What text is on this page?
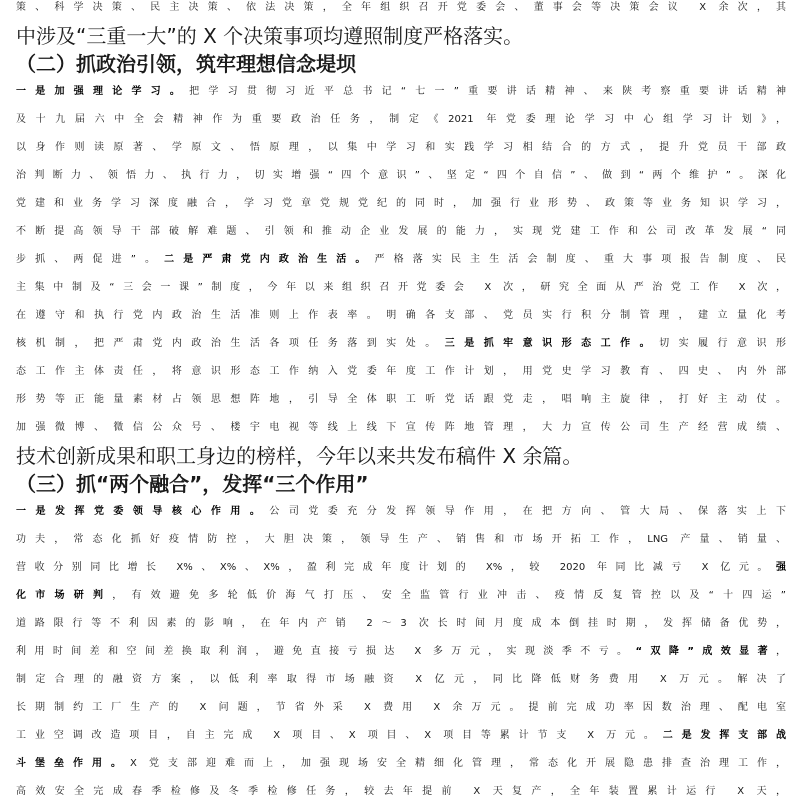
策、科学决策、民主决策、依法决策，全年组织召开党委会、董事会等决策会议 X 余次，其
中涉及“三重一大”的 X 个决策事项均遵照制度严格落实。
（二）抓政治引领，筑牢理想信念堤坝
一是加强理论学习。把学习贯彻习近平总书记“七一”重要讲话精神、来陕考察重要讲话精神
及十九届六中全会精神作为重要政治任务，制定《2021 年党委理论学习中心组学习计划》，
以身作则读原著、学原文、悟原理，以集中学习和实践学习相结合的方式，提升党员干部政
治判断力、领悟力、执行力，切实增强“四个意识”、坚定“四个自信”、做到“两个维护”。深化
党建和业务学习深度融合，学习党章党规党纪的同时，加强行业形势、政策等业务知识学习，
不断提高领导干部破解难题、引领和推动企业发展的能力，实现党建工作和公司改革发展“同
步抓、两促进”。二是严肃党内政治生活。严格落实民主生活会制度、重大事项报告制度、民
主集中制及“三会一课”制度，今年以来组织召开党委会 X 次，研究全面从严治党工作 X 次，
在遵守和执行党内政治生活准则上作表率。明确各支部、党员实行积分制管理，建立量化考
核机制，把严肃党内政治生活各项任务落到实处。三是抓牢意识形态工作。切实履行意识形
态工作主体责任，将意识形态工作纳入党委年度工作计划，用党史学习教育、四史、内外部
形势等正能量素材占领思想阵地，引导全体职工听党话跟党走，唱响主旋律，打好主动仗。
加强微博、微信公众号、楼宇电视等线上线下宣传阵地管理，大力宣传公司生产经营成绩、
技术创新成果和职工身边的榜样，今年以来共发布稿件 X 余篇。
（三）抓“两个融合”，发挥“三个作用”
一是发挥党委领导核心作用。公司党委充分发挥领导作用，在把方向、管大局、保落实上下
功夫，常态化抓好疫情防控，大胆决策，领导生产、销售和市场开拓工作，LNG 产量、销量、
营收分别同比增长 X%、X%、X%，盈利完成年度计划的 X%，较 2020 年同比减亏 X 亿元。强
化市场研判，有效避免多轮低价海气打压、安全监管行业冲击、疫情反复管控以及“十四运”
道路限行等不利因素的影响，在年内产销 2～3 次长时间月度成本倒挂时期，发挥储备优势，
利用时间差和空间差换取利润，避免直接亏损达 X 多万元，实现淡季不亏。“双降”成效显著，
制定合理的融资方案，以低利率取得市场融资 X 亿元，同比降低财务费用 X 万元。解决了
长期制约工厂生产的 X 问题，节省外采 X 费用 X 余万元。提前完成功率因数治理、配电室
工业空调改造项目，自主完成 X 项目、X 项目、X 项目等累计节支 X 万元。二是发挥支部战
斗堡垒作用。X 党支部迎难而上，加强现场安全精细化管理，常态化开展隐患排查治理工作，
高效安全完成春季检修及冬季检修任务，较去年提前 X 天复产，全年装置累计运行 X 天，
